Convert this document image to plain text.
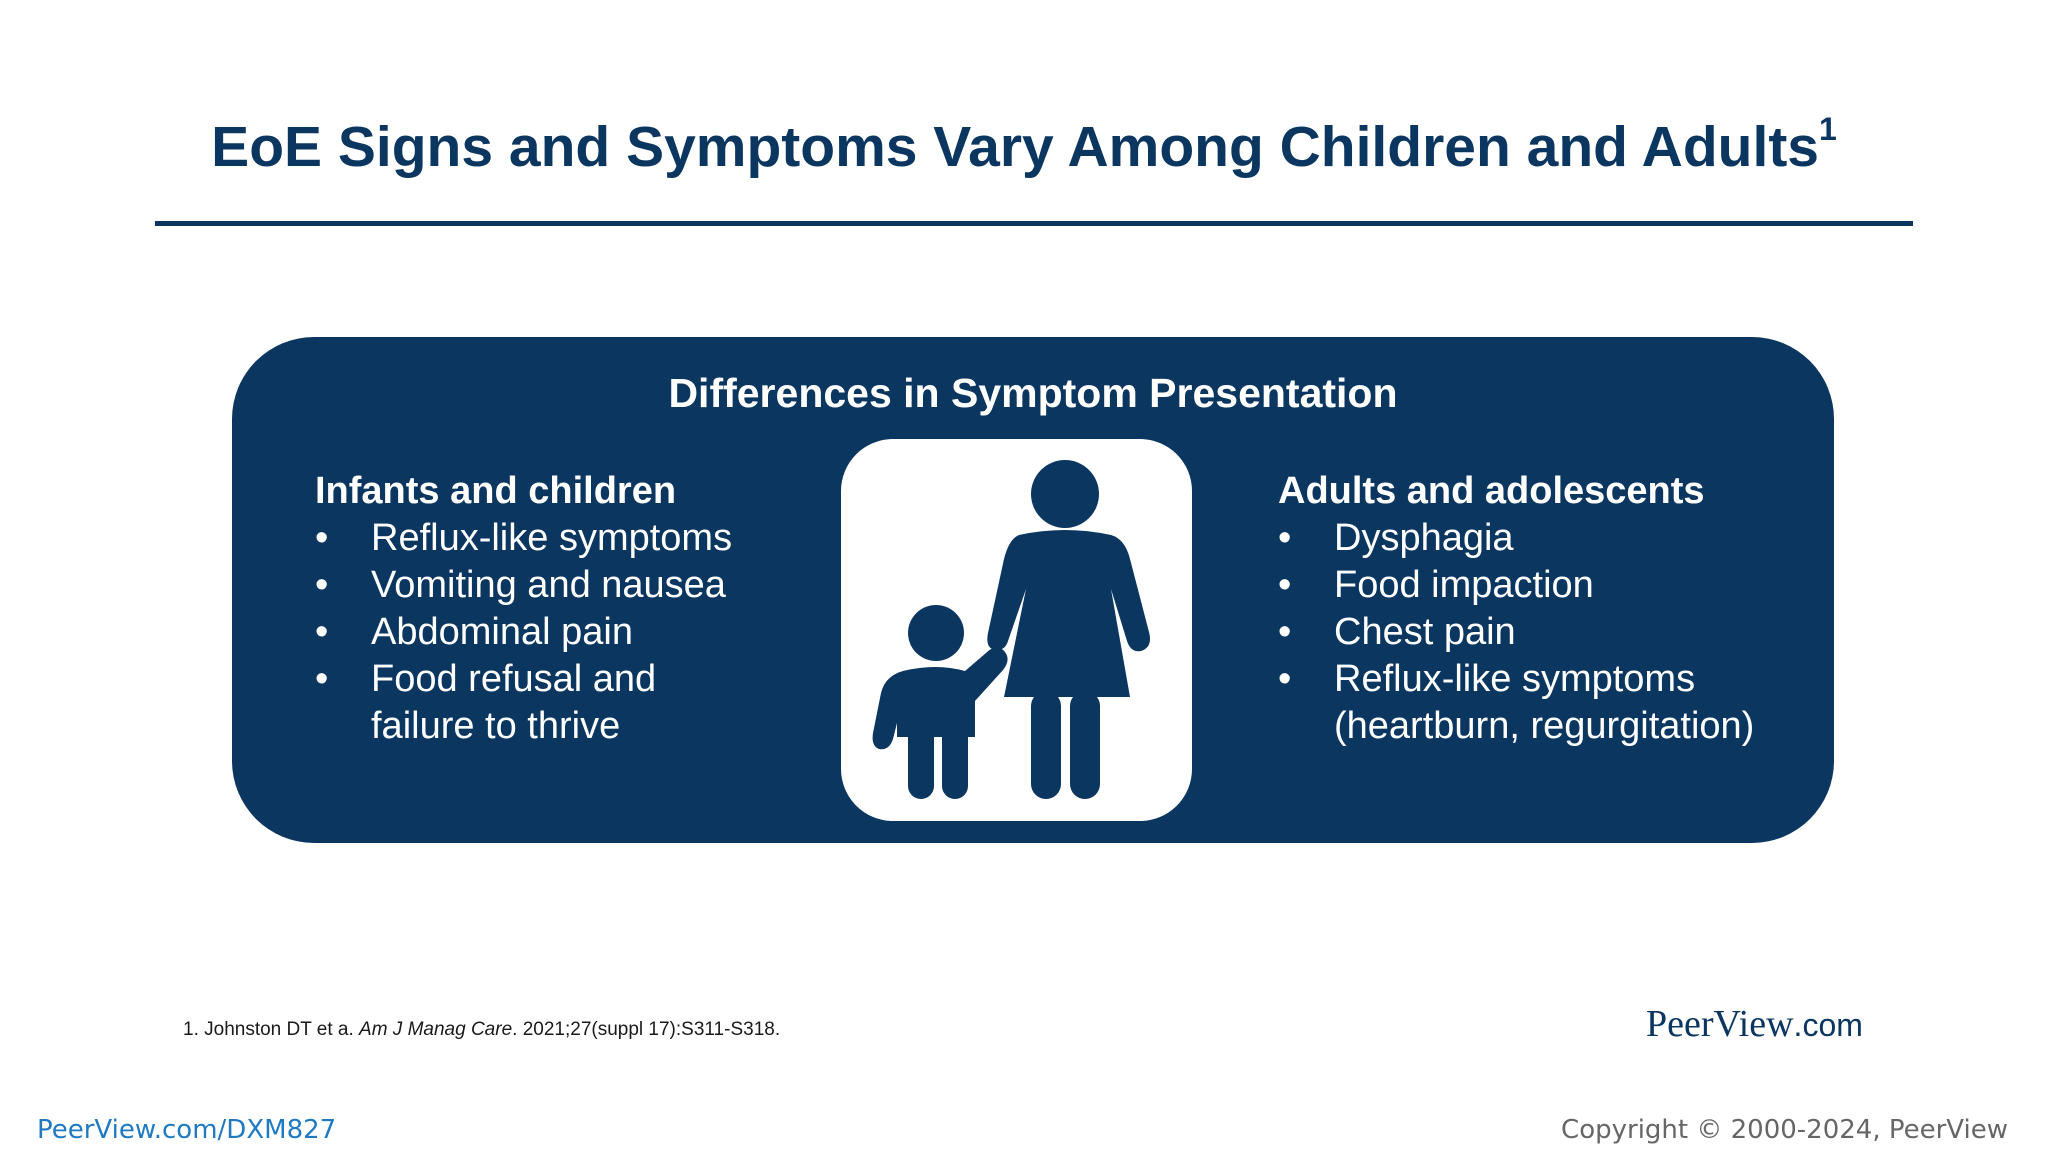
EoE Signs and Symptoms Vary Among Children and Adults$^1$
Differences in Symptom Presentation
Infants and children
• Reflux-like symptoms
• Vomiting and nausea
• Abdominal pain
• Food refusal and failure to thrive
Adults and adolescents
• Dysphagia
• Food impaction
• Chest pain
• Reflux-like symptoms (heartburn, regurgitation)
1. Johnston DT et a. Am J Manag Care. 2021;27(suppl 17):S311-S318.	PeerView.com
PeerView.com/DXM827	Copyright © 2000-2024, PeerView
